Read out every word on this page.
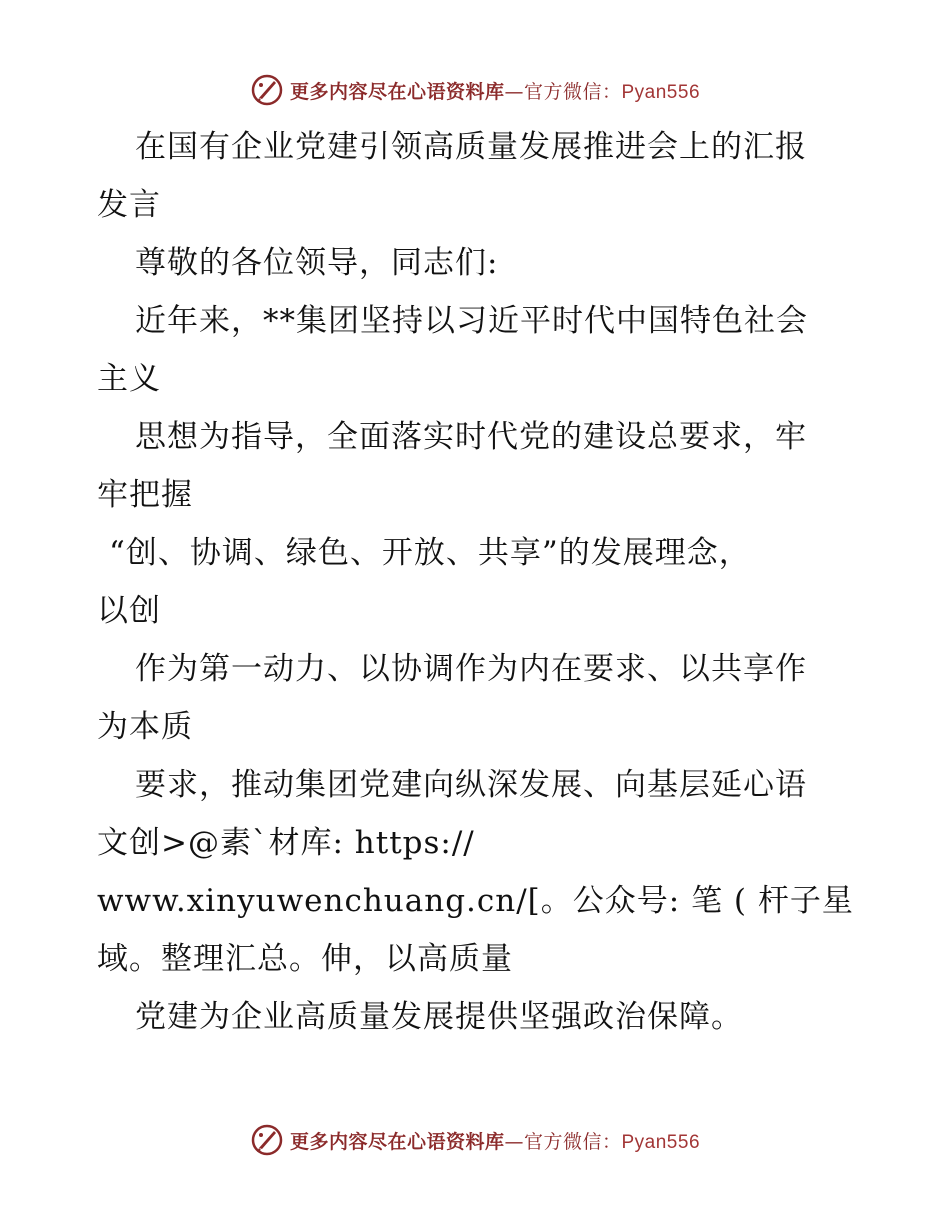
更多内容尽在心语资料库—官方微信：Pyan556
在国有企业党建引领高质量发展推进会上的汇报
发言
尊敬的各位领导，同志们:
近年来，**集团坚持以习近平时代中国特色社会
主义
思想为指导，全面落实时代党的建设总要求，牢
牢把握
“创、协调、绿色、开放、共享”的发展理念，
以创
作为第一动力、以协调作为内在要求、以共享作
为本质
要求，推动集团党建向纵深发展、向基层延心语
文创>@素`材库: https://
www.xinyuwenchuang.cn/[。公众号: 笔 ( 杆子星
域。整理汇总。伸，以高质量
党建为企业高质量发展提供坚强政治保障。
更多内容尽在心语资料库—官方微信：Pyan556
